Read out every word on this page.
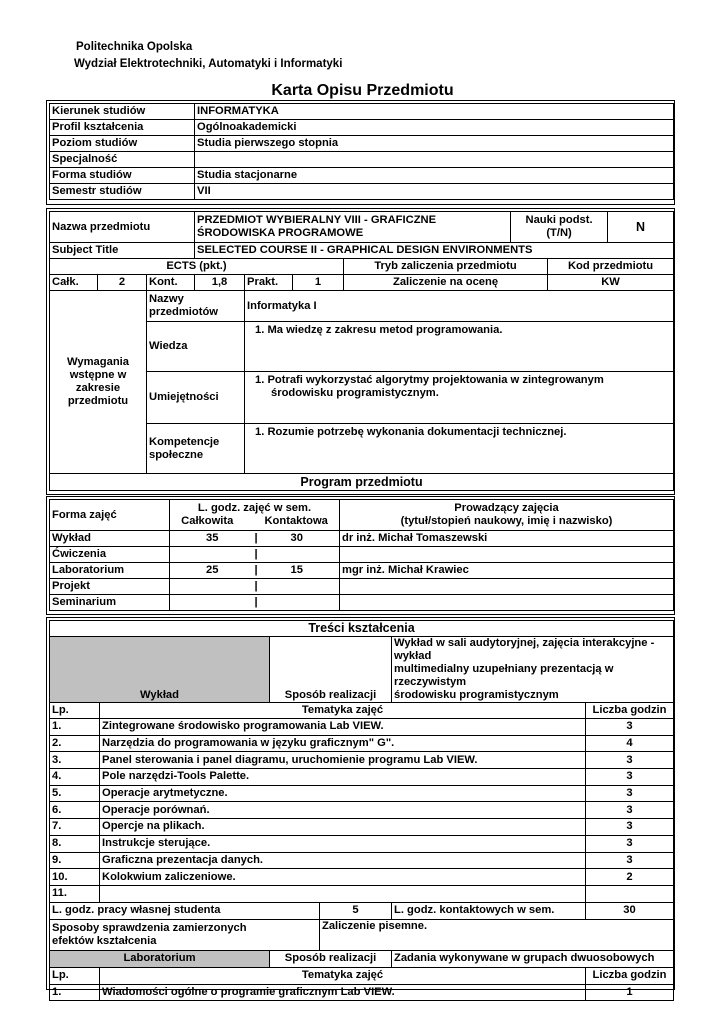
Politechnika Opolska
Wydział Elektrotechniki, Automatyki i Informatyki
Karta Opisu Przedmiotu
Kierunek studiów	INFORMATYKA
Profil kształcenia	Ogólnoakademicki
Poziom studiów	Studia pierwszego stopnia
Specjalność	
Forma studiów	Studia stacjonarne
Semestr studiów	VII
Nazwa przedmiotu			PRZEDMIOT WYBIERALNY VIII - GRAFICZNE
ŚRODOWISKA PROGRAMOWE				Nauki podst. (T/N)		N
Subject Title			SELECTED COURSE II - GRAPHICAL DESIGN ENVIRONMENTS						
ECTS (pkt.)						Tryb zaliczenia przedmiotu		Kod przedmiotu	
Całk.	2	Kont.	1,8	Prakt.	1	Zaliczenie na ocenę		KW	
Wymagania
wstępne w
zakresie
przedmiotu		Nazwy
przedmiotów		Informatyka I					
		Wiedza		1. Ma wiedzę z zakresu metod programowania.					
		Umiejętności		1. Potrafi wykorzystać algorytmy projektowania w zintegrowanym
środowisku programistycznym.					
		Kompetencje
społeczne		1. Rozumie potrzebę wykonania dokumentacji technicznej.					
Program przedmiotu									
Forma zajęć	L. godz. zajęć w sem.
Całkowita Kontaktowa		Prowadzący zajęcia
(tytuł/stopień naukowy, imię i nazwisko)
Wykład	35	| 30	dr inż. Michał Tomaszewski
Ćwiczenia		|	

Laboratorium	25	| 15	mgr inż. Michał Krawiec
Projekt		|	

Seminarium		|	

Treści kształcenia					
Wykład		Sposób realizacji		Wykład w sali audytoryjnej, zajęcia interakcyjne - wykład
multimedialny uzupełniany prezentacją w rzeczywistym
środowisku programistycznym	
Lp.	Tematyka zajęć				Liczba godzin
1.	Zintegrowane środowisko programowania Lab VIEW.				3
2.	Narzędzia do programowania w języku graficznym" G".				4
3.	Panel sterowania i panel diagramu, uruchomienie programu Lab VIEW.				3
4.	Pole narzędzi-Tools Palette.				3
5.	Operacje arytmetyczne.				3
6.	Operacje porównań.				3
7.	Opercje na plikach.				3
8.	Instrukcje sterujące.				3
9.	Graficzna prezentacja danych.				3
10.	Kolokwium zaliczeniowe.				2
11.					
L. godz. pracy własnej studenta			5	L. godz. kontaktowych w sem.	30
Sposoby sprawdzenia zamierzonych
efektów kształcenia			Zaliczenie pisemne.		
Laboratorium		Sposób realizacji		Zadania wykonywane w grupach dwuosobowych	
Lp.	Tematyka zajęć				Liczba godzin
1.	Wiadomości ogólne o programie graficznym Lab VIEW.				1
